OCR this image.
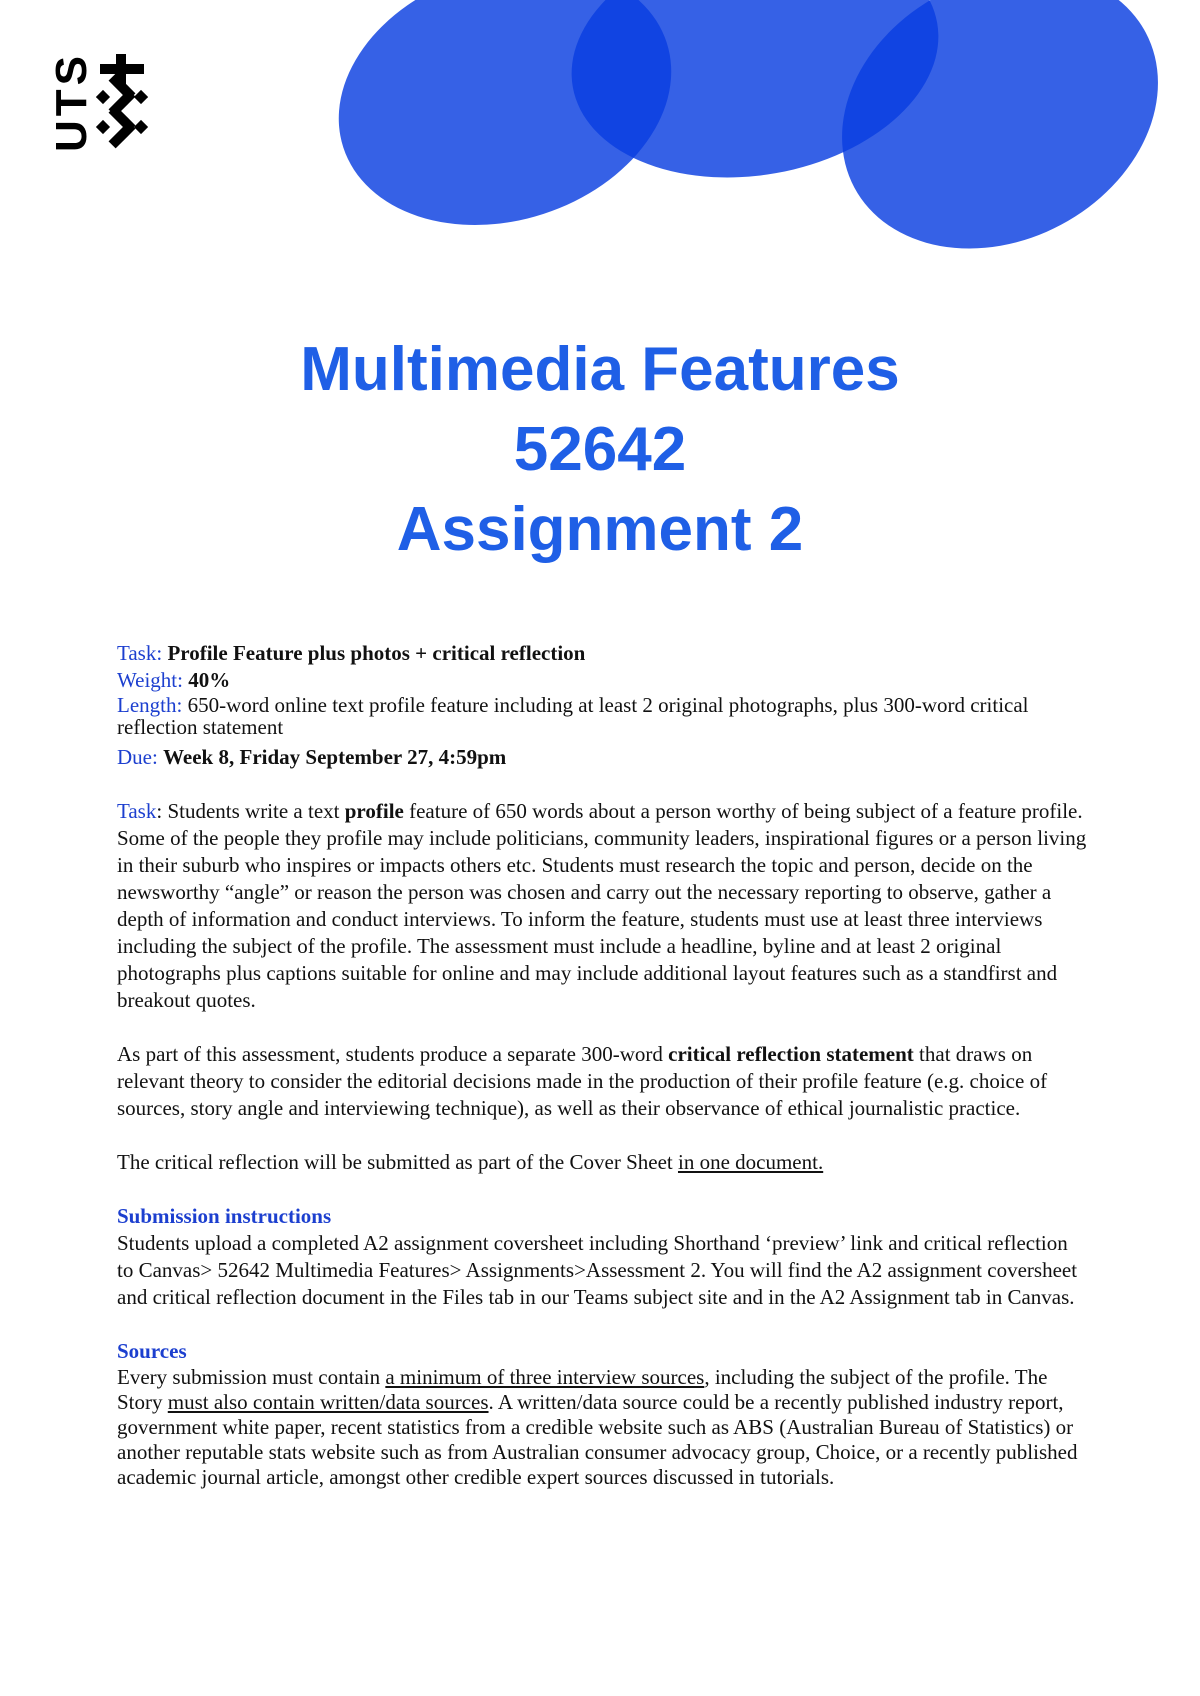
UTS
Multimedia Features
52642
Assignment 2
Task: Profile Feature plus photos + critical reflection
Weight: 40%
Length: 650-word online text profile feature including at least 2 original photographs, plus 300-word critical reflection statement
Due: Week 8, Friday September 27, 4:59pm

Task: Students write a text profile feature of 650 words about a person worthy of being subject of a feature profile. Some of the people they profile may include politicians, community leaders, inspirational figures or a person living in their suburb who inspires or impacts others etc. Students must research the topic and person, decide on the newsworthy “angle” or reason the person was chosen and carry out the necessary reporting to observe, gather a depth of information and conduct interviews. To inform the feature, students must use at least three interviews including the subject of the profile. The assessment must include a headline, byline and at least 2 original photographs plus captions suitable for online and may include additional layout features such as a standfirst and breakout quotes.

As part of this assessment, students produce a separate 300-word critical reflection statement that draws on relevant theory to consider the editorial decisions made in the production of their profile feature (e.g. choice of sources, story angle and interviewing technique), as well as their observance of ethical journalistic practice.

The critical reflection will be submitted as part of the Cover Sheet in one document.

Submission instructions

Students upload a completed A2 assignment coversheet including Shorthand ‘preview’ link and critical reflection to Canvas> 52642 Multimedia Features> Assignments>Assessment 2. You will find the A2 assignment coversheet and critical reflection document in the Files tab in our Teams subject site and in the A2 Assignment tab in Canvas.

Sources

Every submission must contain a minimum of three interview sources, including the subject of the profile. The Story must also contain written/data sources. A written/data source could be a recently published industry report, government white paper, recent statistics from a credible website such as ABS (Australian Bureau of Statistics) or another reputable stats website such as from Australian consumer advocacy group, Choice, or a recently published academic journal article, amongst other credible expert sources discussed in tutorials.
